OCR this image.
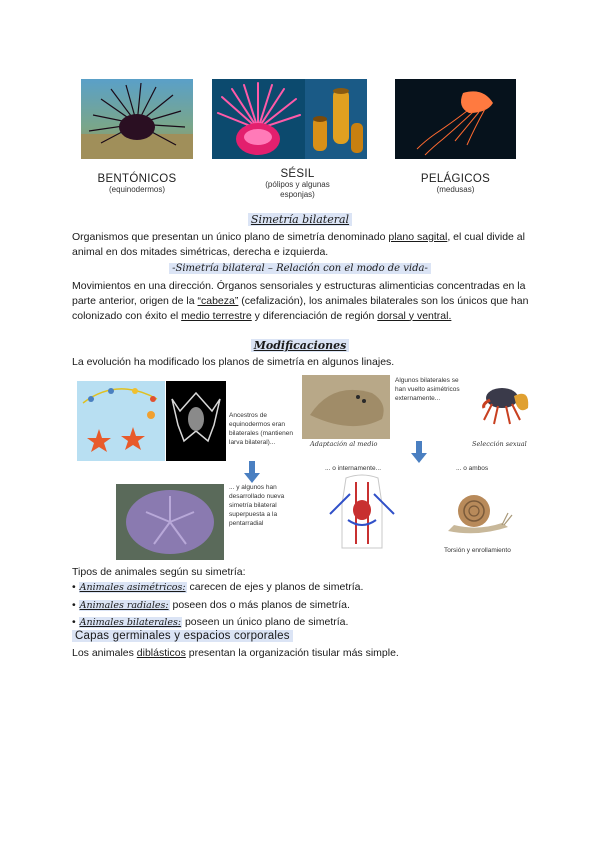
BENTÓNICOS
(equinodermos)
SÉSIL
(pólipos y algunas esponjas)
PELÁGICOS
(medusas)
Simetría bilateral
Organismos que presentan un único plano de simetría denominado plano sagital, el cual divide al animal en dos mitades simétricas, derecha e izquierda.
-Simetría bilateral – Relación con el modo de vida-
Movimientos en una dirección. Órganos sensoriales y estructuras alimenticias concentradas en la parte anterior, origen de la “cabeza” (cefalización), los animales bilaterales son los únicos que han colonizado con éxito el medio terrestre y diferenciación de región dorsal y ventral.
Modificaciones
La evolución ha modificado los planos de simetría en algunos linajes.
Ancestros de equinodermos eran bilaterales (mantienen larva bilateral)...
... y algunos han desarrollado nueva simetría bilateral superpuesta a la pentarradial
Adaptación al medio
Algunos bilaterales se han vuelto asimétricos externamente...
Selección sexual
... o internamente...	... o ambos
Torsión y enrollamiento
Tipos de animales según su simetría:
• Animales asimétricos: carecen de ejes y planos de simetría.
• Animales radiales: poseen dos o más planos de simetría.
• Animales bilaterales: poseen un único plano de simetría.
Capas germinales y espacios corporales
Los animales diblásticos presentan la organización tisular más simple.
